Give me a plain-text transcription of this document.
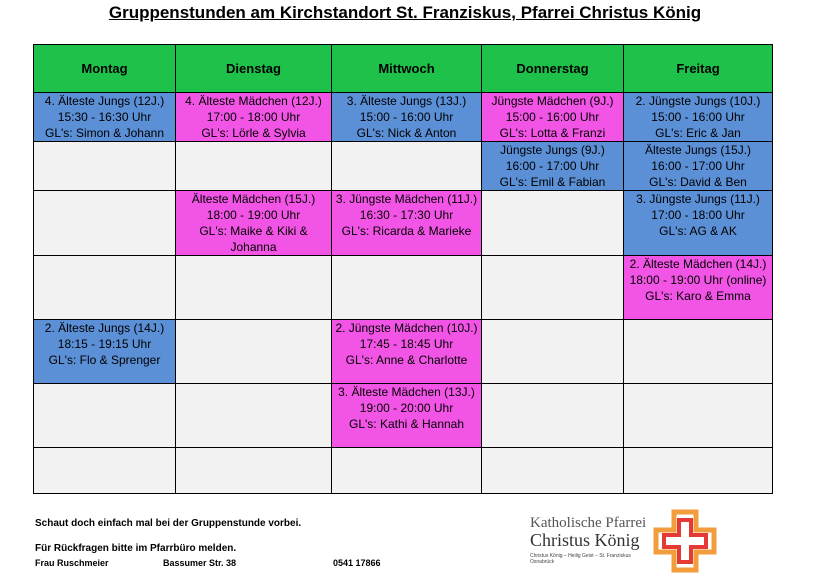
Gruppenstunden am Kirchstandort St. Franziskus, Pfarrei Christus König
Montag	Dienstag	Mittwoch	Donnerstag	Freitag

4. Älteste Jungs (12J.)
15:30 - 16:30 Uhr
GL's: Simon & Johann	4. Älteste Mädchen (12J.)
17:00 - 18:00 Uhr
GL's: Lörle & Sylvia	3. Älteste Jungs (13J.)
15:00 - 16:00 Uhr
GL's: Nick & Anton	Jüngste Mädchen (9J.)
15:00 - 16:00 Uhr
GL's: Lotta & Franzi	2. Jüngste Jungs (10J.)
15:00 - 16:00 Uhr
GL's: Eric & Jan

			Jüngste Jungs (9J.)
16:00 - 17:00 Uhr
GL's: Emil & Fabian	Älteste Jungs (15J.)
16:00 - 17:00 Uhr
GL's: David & Ben

	Älteste Mädchen (15J.)
18:00 - 19:00 Uhr
GL's: Maike & Kiki &
Johanna	3. Jüngste Mädchen (11J.)
16:30 - 17:30 Uhr
GL's: Ricarda & Marieke		3. Jüngste Jungs (11J.)
17:00 - 18:00 Uhr
GL's: AG & AK

				2. Älteste Mädchen (14J.)
18:00 - 19:00 Uhr (online)
GL's: Karo & Emma

2. Älteste Jungs (14J.)
18:15 - 19:15 Uhr
GL's: Flo & Sprenger		2. Jüngste Mädchen (10J.)
17:45 - 18:45 Uhr
GL's: Anne & Charlotte		

		3. Älteste Mädchen (13J.)
19:00 - 20:00 Uhr
GL's: Kathi & Hannah		

Schaut doch einfach mal bei der Gruppenstunde vorbei.
Für Rückfragen bitte im Pfarrbüro melden.
Frau Ruschmeier	Bassumer Str. 38	0541 17866
Katholische Pfarrei
Christus König
Christus König – Heilig Geist – St. Franziskus
Osnabrück
